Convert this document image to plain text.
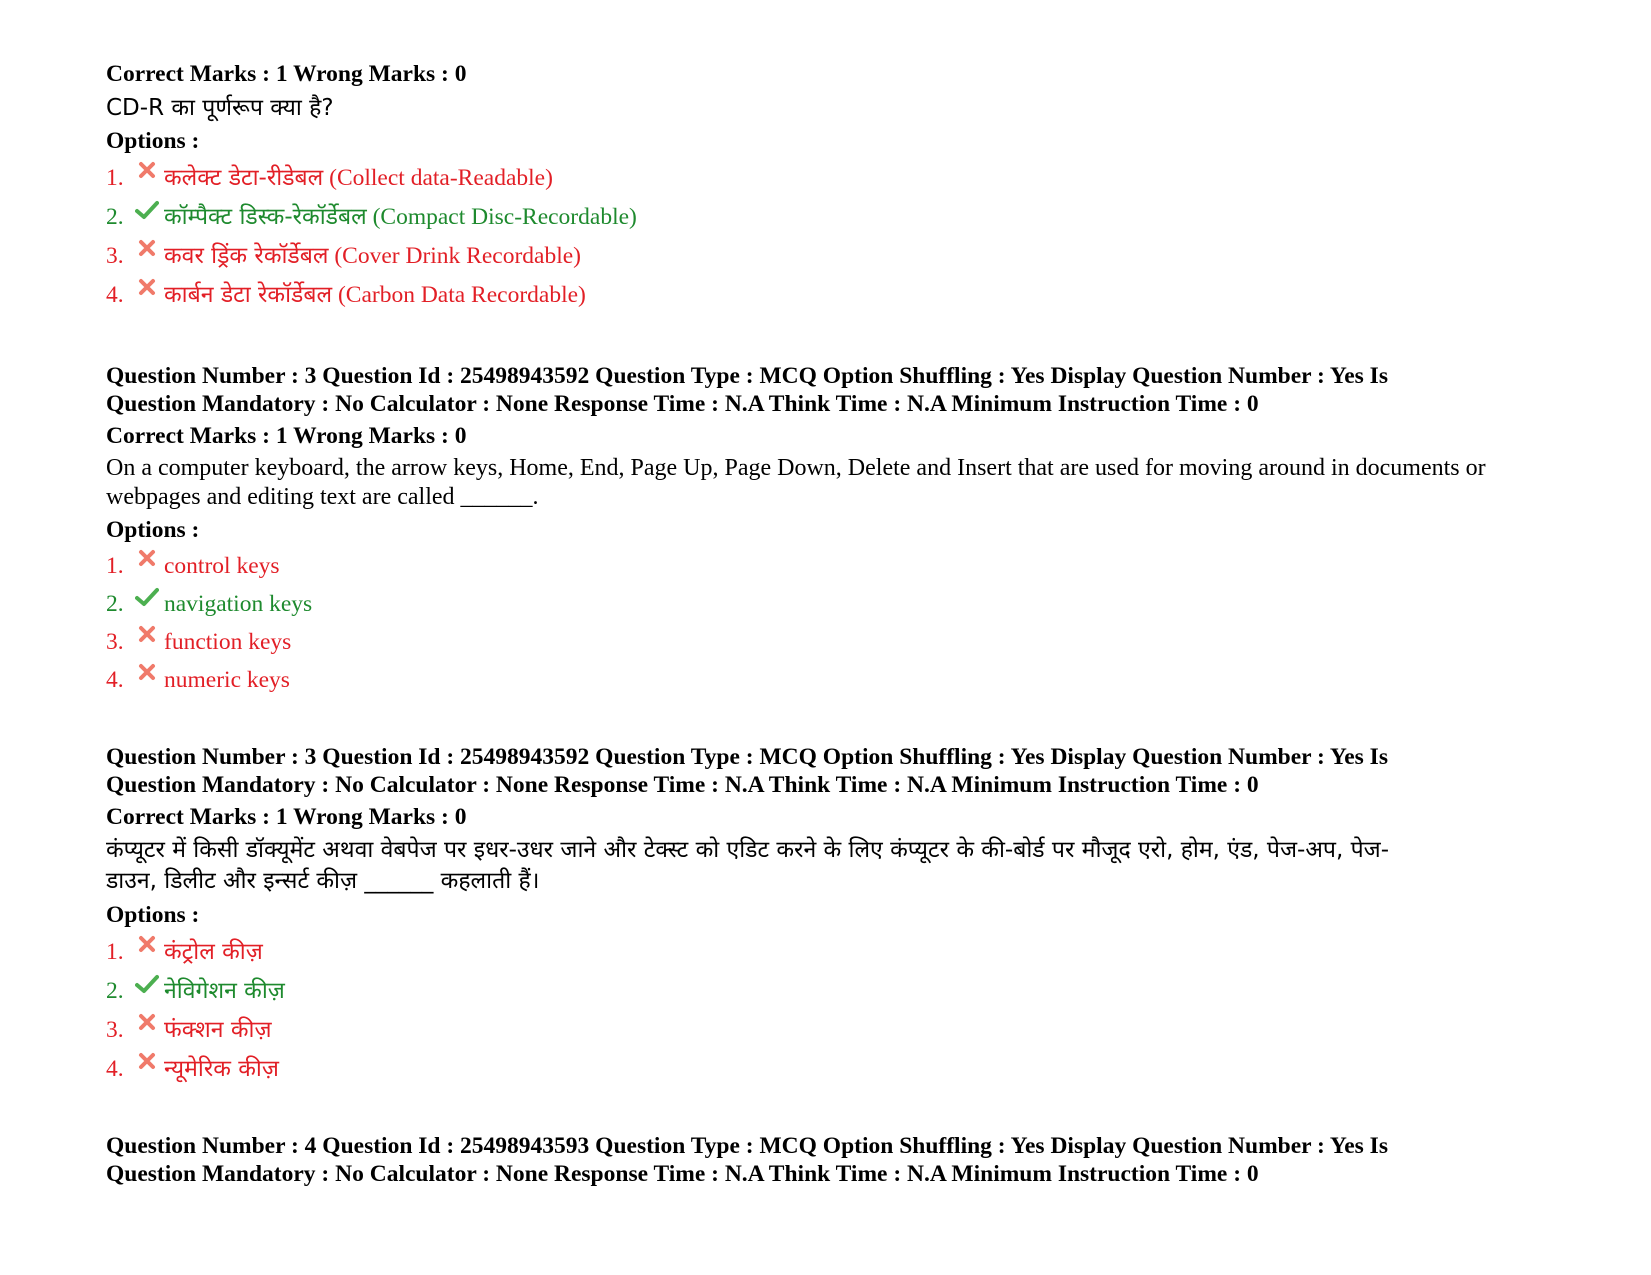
Correct Marks : 1 Wrong Marks : 0
CD-R का पूर्णरूप क्या है?
Options :
1.	कलेक्ट डेटा-रीडेबल (Collect data-Readable)
2.	कॉम्पैक्ट डिस्क-रेकॉर्डेबल (Compact Disc-Recordable)
3.	कवर ड्रिंक रेकॉर्डेबल (Cover Drink Recordable)
4.	कार्बन डेटा रेकॉर्डेबल (Carbon Data Recordable)
Question Number : 3 Question Id : 25498943592 Question Type : MCQ Option Shuffling : Yes Display Question Number : Yes Is
Question Mandatory : No Calculator : None Response Time : N.A Think Time : N.A Minimum Instruction Time : 0
Correct Marks : 1 Wrong Marks : 0
On a computer keyboard, the arrow keys, Home, End, Page Up, Page Down, Delete and Insert that are used for moving around in documents or
webpages and editing text are called ______.
Options :
1.	control keys
2.	navigation keys
3.	function keys
4.	numeric keys
Question Number : 3 Question Id : 25498943592 Question Type : MCQ Option Shuffling : Yes Display Question Number : Yes Is
Question Mandatory : No Calculator : None Response Time : N.A Think Time : N.A Minimum Instruction Time : 0
Correct Marks : 1 Wrong Marks : 0
कंप्यूटर में किसी डॉक्यूमेंट अथवा वेबपेज पर इधर-उधर जाने और टेक्स्ट को एडिट करने के लिए कंप्यूटर के की-बोर्ड पर मौजूद एरो, होम, एंड, पेज-अप, पेज-
डाउन, डिलीट और इन्सर्ट कीज़ ______ कहलाती हैं।
Options :
1.	कंट्रोल कीज़
2.	नेविगेशन कीज़
3.	फंक्शन कीज़
4.	न्यूमेरिक कीज़
Question Number : 4 Question Id : 25498943593 Question Type : MCQ Option Shuffling : Yes Display Question Number : Yes Is
Question Mandatory : No Calculator : None Response Time : N.A Think Time : N.A Minimum Instruction Time : 0
